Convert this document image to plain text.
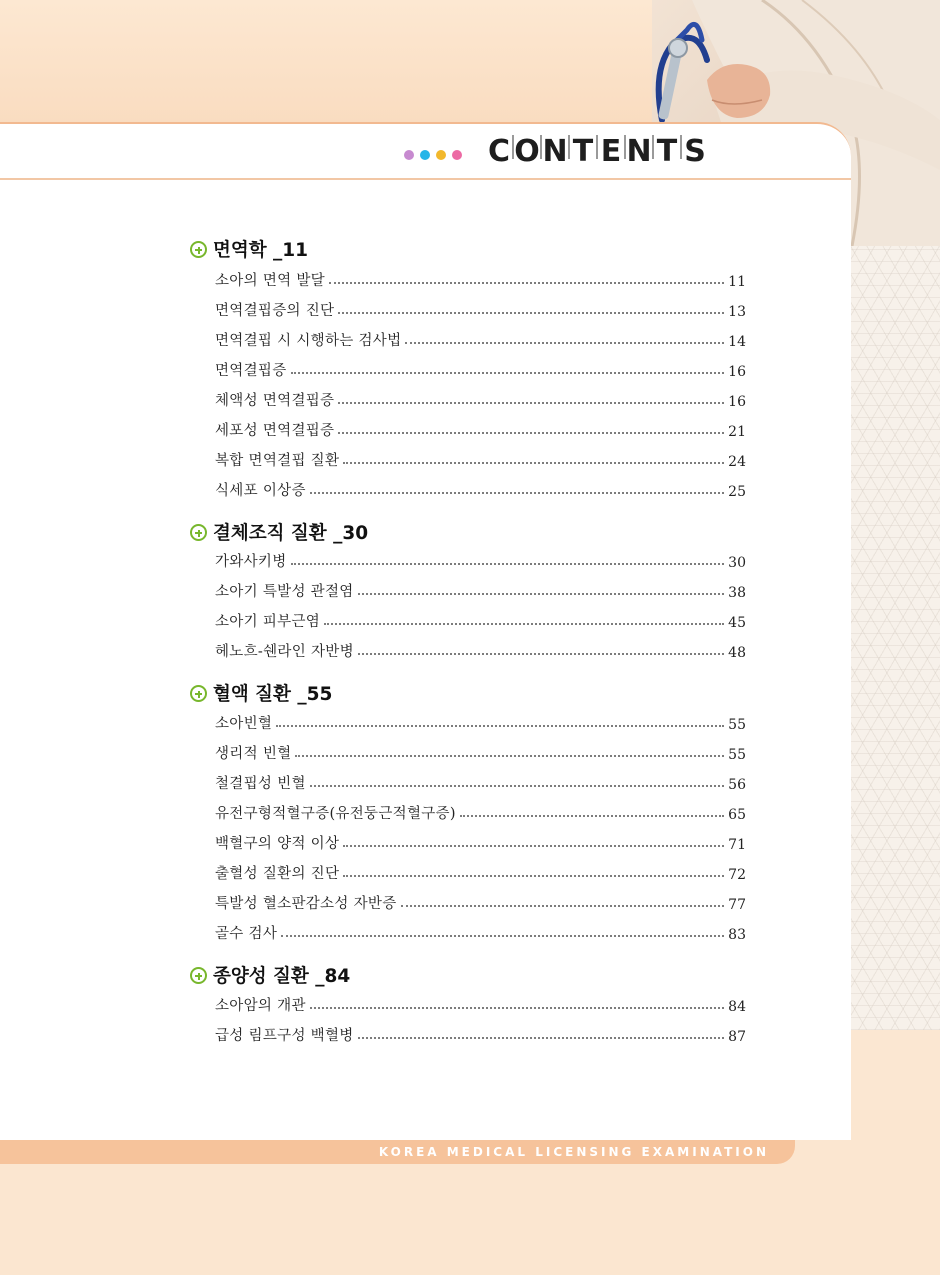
C ON T E N T S
면역학 _11
소아의 면역 발달	11
면역결핍증의 진단	13
면역결핍 시 시행하는 검사법	14
면역결핍증	16
체액성 면역결핍증	16
세포성 면역결핍증	21
복합 면역결핍 질환	24
식세포 이상증	25
결체조직 질환 _30
가와사키병	30
소아기 특발성 관절염	38
소아기 피부근염	45
헤노흐-쉔라인 자반병	48
혈액 질환 _55
소아빈혈	55
생리적 빈혈	55
철결핍성 빈혈	56
유전구형적혈구증(유전둥근적혈구증)	65
백혈구의 양적 이상	71
출혈성 질환의 진단	72
특발성 혈소판감소성 자반증	77
골수 검사	83
종양성 질환 _84
소아암의 개관	84
급성 림프구성 백혈병	87
KOREA MEDICAL LICENSING EXAMINATION
